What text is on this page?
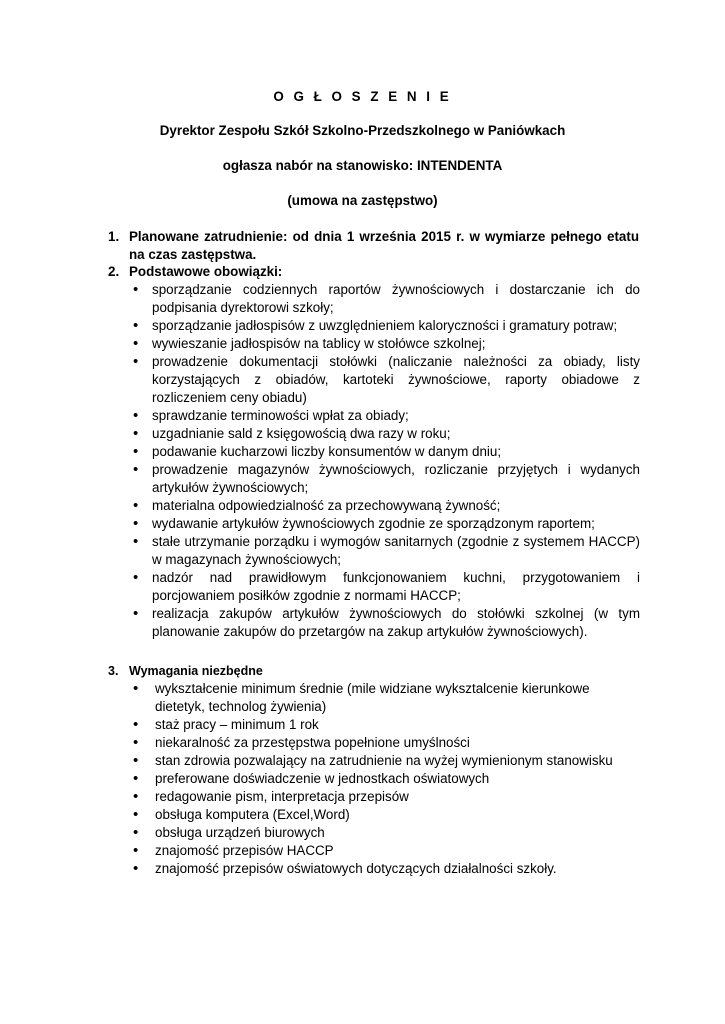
O G Ł O S Z E N I E
Dyrektor Zespołu Szkół Szkolno-Przedszkolnego w Paniówkach
ogłasza nabór na stanowisko: INTENDENTA
(umowa na zastępstwo)
1. Planowane zatrudnienie: od dnia 1 września 2015 r. w wymiarze pełnego etatu na czas zastępstwa.
2. Podstawowe obowiązki:
• sporządzanie codziennych raportów żywnościowych i dostarczanie ich do podpisania dyrektorowi szkoły;
• sporządzanie jadłospisów z uwzględnieniem kaloryczności i gramatury potraw;
• wywieszanie jadłospisów na tablicy w stołówce szkolnej;
• prowadzenie dokumentacji stołówki (naliczanie należności za obiady, listy korzystających z obiadów, kartoteki żywnościowe, raporty obiadowe z rozliczeniem ceny obiadu)
• sprawdzanie terminowości wpłat za obiady;
• uzgadnianie sald z księgowością dwa razy w roku;
• podawanie kucharzowi liczby konsumentów w danym dniu;
• prowadzenie magazynów żywnościowych, rozliczanie przyjętych i wydanych artykułów żywnościowych;
• materialna odpowiedzialność za przechowywaną żywność;
• wydawanie artykułów żywnościowych zgodnie ze sporządzonym raportem;
• stałe utrzymanie porządku i wymogów sanitarnych (zgodnie z systemem HACCP) w magazynach żywnościowych;
• nadzór nad prawidłowym funkcjonowaniem kuchni, przygotowaniem i porcjowaniem posiłków zgodnie z normami HACCP;
• realizacja zakupów artykułów żywnościowych do stołówki szkolnej (w tym planowanie zakupów do przetargów na zakup artykułów żywnościowych).
3. Wymagania niezbędne
• wykształcenie minimum średnie (mile widziane wyksztalcenie kierunkowe dietetyk, technolog żywienia)
• staż pracy – minimum 1 rok
• niekaralność za przestępstwa popełnione umyślności
• stan zdrowia pozwalający na zatrudnienie na wyżej wymienionym stanowisku
• preferowane doświadczenie w jednostkach oświatowych
• redagowanie pism, interpretacja przepisów
• obsługa komputera (Excel,Word)
• obsługa urządzeń biurowych
• znajomość przepisów HACCP
• znajomość przepisów oświatowych dotyczących działalności szkoły.
